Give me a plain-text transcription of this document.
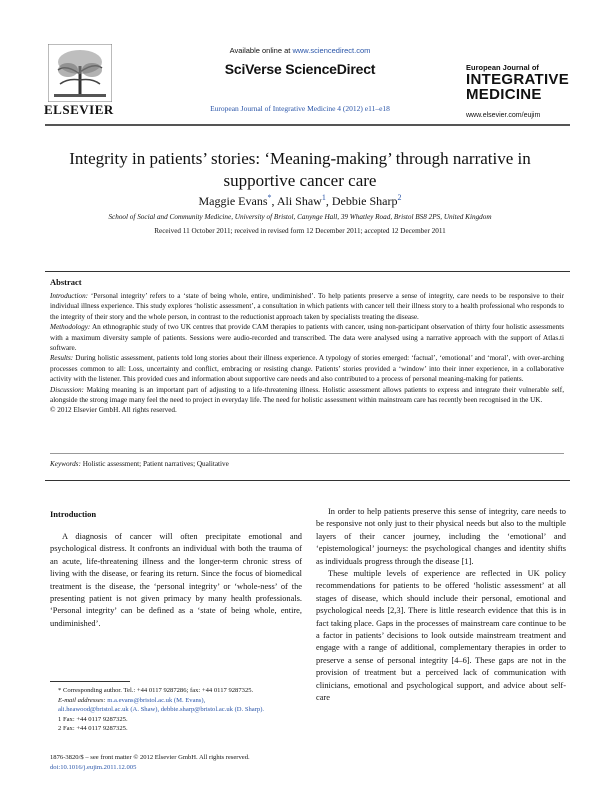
ELSEVIER
Available online at www.sciencedirect.com
SciVerse ScienceDirect
European Journal of Integrative Medicine 4 (2012) e11–e18
European Journal of
INTEGRATIVE
MEDICINE
www.elsevier.com/eujim
Integrity in patients’ stories: ‘Meaning-making’ through narrative in
supportive cancer care
Maggie Evans*, Ali Shaw$^1$, Debbie Sharp$^2$
School of Social and Community Medicine, University of Bristol, Canynge Hall, 39 Whatley Road, Bristol BS8 2PS, United Kingdom
Received 11 October 2011; received in revised form 12 December 2011; accepted 12 December 2011
Abstract

Introduction: ‘Personal integrity’ refers to a ‘state of being whole, entire, undiminished’. To help patients preserve a sense of integrity, care needs to be responsive to their individual illness experience. This study explores ‘holistic assessment’, a consultation in which patients with cancer tell their illness story to a health professional who responds to the integrity of their story and the whole person, in contrast to the reductionist approach taken by specialists treating the disease.

Methodology: An ethnographic study of two UK centres that provide CAM therapies to patients with cancer, using non-participant observation of thirty four holistic assessments with a maximum diversity sample of patients. Sessions were audio-recorded and transcribed. The data were analysed using a narrative approach with the support of Atlas.ti software.

Results: During holistic assessment, patients told long stories about their illness experience. A typology of stories emerged: ‘factual’, ‘emotional’ and ‘moral’, with over-arching processes common to all: Loss, uncertainty and conflict, embracing or resisting change. Patients’ stories provided a ‘window’ into their inner experience, in a collaborative activity with the listener. This provided cues and information about supportive care needs and also contributed to a process of personal meaning-making for patients.

Discussion: Making meaning is an important part of adjusting to a life-threatening illness. Holistic assessment allows patients to express and integrate their vulnerable self, alongside the strong image many feel the need to project in everyday life. The need for holistic assessment within mainstream care has recently been recognised in the UK.

© 2012 Elsevier GmbH. All rights reserved.

Keywords: Holistic assessment; Patient narratives; Qualitative
Introduction

A diagnosis of cancer will often precipitate emotional and psychological distress. It confronts an individual with both the trauma of an acute, life-threatening illness and the longer-term chronic stress of living with the disease, or fearing its return. Since the focus of biomedical treatment is the disease, the ‘personal integrity’ or ‘whole-ness’ of the presenting patient is not given primacy by many health professionals. ‘Personal integrity’ can be defined as a ‘state of being whole, entire, undiminished’.

In order to help patients preserve this sense of integrity, care needs to be responsive not only just to their physical needs but also to the multiple layers of their cancer journey, including the ‘emotional’ and ‘epistemological’ journeys: the psychological changes and identity shifts as individuals progress through the disease [1].

These multiple levels of experience are reflected in UK policy recommendations for patients to be offered ‘holistic assessment’ at all stages of disease, which should include their personal, emotional and psychological needs [2,3]. There is little research evidence that this is in fact taking place. Gaps in the processes of mainstream care continue to be a factor in patients’ decisions to look outside mainstream treatment and engage with a range of additional, complementary therapies in order to preserve a sense of personal integrity [4–6]. These gaps are not in the provision of treatment but a perceived lack of communication with clinicians, emotional and psychological support, and advice about self-care

* Corresponding author. Tel.: +44 0117 9287286; fax: +44 0117 9287325.
E-mail addresses: m.a.evans@bristol.ac.uk (M. Evans),
ali.heawood@bristol.ac.uk (A. Shaw), debbie.sharp@bristol.ac.uk (D. Sharp).
1 Fax: +44 0117 9287325.
2 Fax: +44 0117 9287325.
1876-3820/$ – see front matter © 2012 Elsevier GmbH. All rights reserved.
doi:10.1016/j.eujim.2011.12.005
